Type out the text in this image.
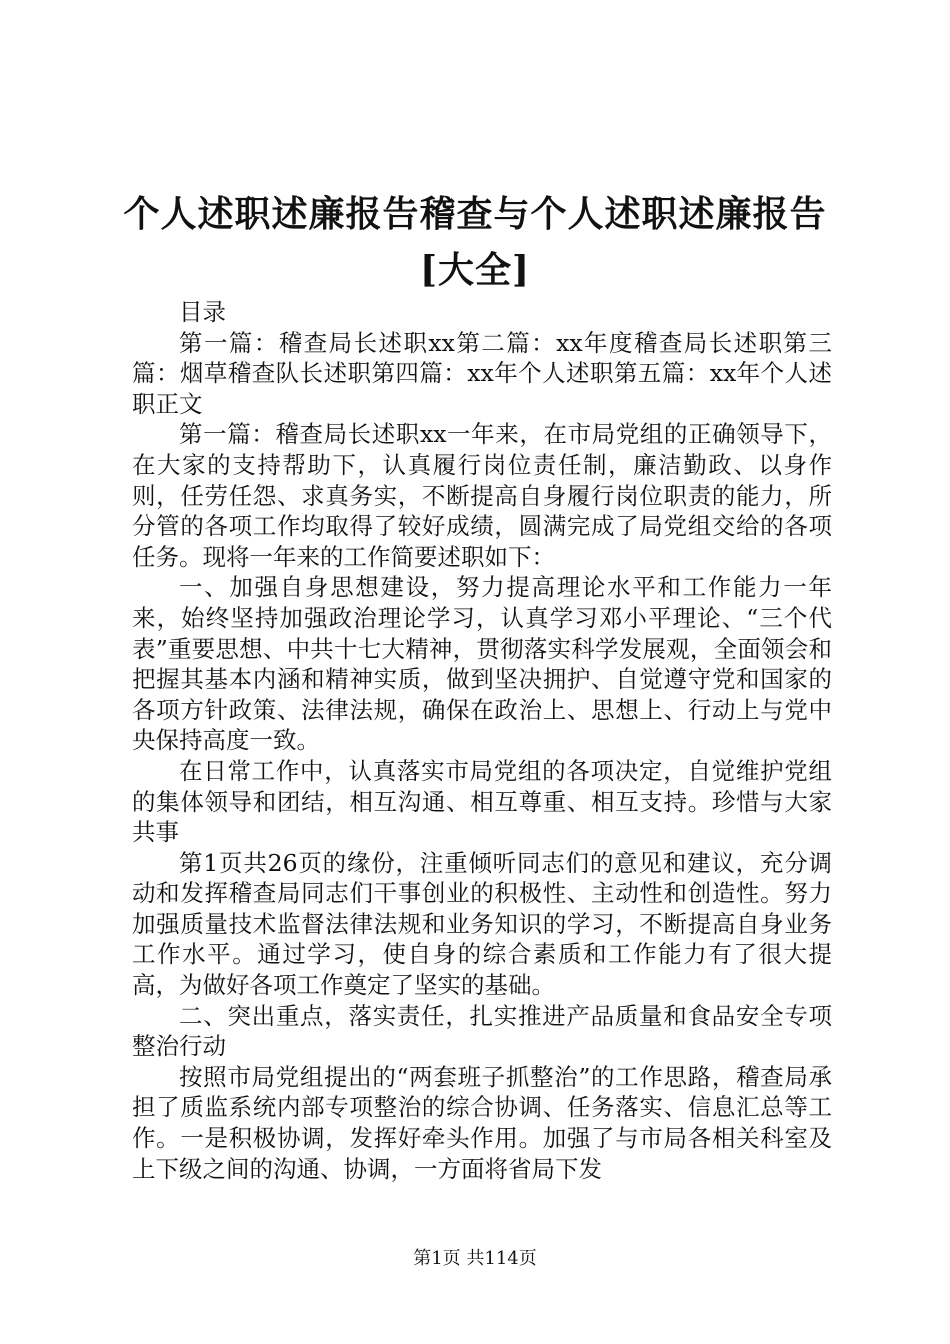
个人述职述廉报告稽查与个人述职述廉报告
[大全]

目录

第一篇：稽查局长述职xx第二篇：xx年度稽查局长述职第三篇：烟草稽查队长述职第四篇：xx年个人述职第五篇：xx年个人述职正文

第一篇：稽查局长述职xx一年来，在市局党组的正确领导下，在大家的支持帮助下，认真履行岗位责任制，廉洁勤政、以身作则，任劳任怨、求真务实，不断提高自身履行岗位职责的能力，所分管的各项工作均取得了较好成绩，圆满完成了局党组交给的各项任务。现将一年来的工作简要述职如下：

一、加强自身思想建设，努力提高理论水平和工作能力一年来，始终坚持加强政治理论学习，认真学习邓小平理论、“三个代表”重要思想、中共十七大精神，贯彻落实科学发展观，全面领会和把握其基本内涵和精神实质，做到坚决拥护、自觉遵守党和国家的各项方针政策、法律法规，确保在政治上、思想上、行动上与党中央保持高度一致。

在日常工作中，认真落实市局党组的各项决定，自觉维护党组的集体领导和团结，相互沟通、相互尊重、相互支持。珍惜与大家共事

第1页共26页的缘份，注重倾听同志们的意见和建议，充分调动和发挥稽查局同志们干事创业的积极性、主动性和创造性。努力加强质量技术监督法律法规和业务知识的学习，不断提高自身业务工作水平。通过学习，使自身的综合素质和工作能力有了很大提高，为做好各项工作奠定了坚实的基础。

二、突出重点，落实责任，扎实推进产品质量和食品安全专项整治行动

按照市局党组提出的“两套班子抓整治”的工作思路，稽查局承担了质监系统内部专项整治的综合协调、任务落实、信息汇总等工作。一是积极协调，发挥好牵头作用。加强了与市局各相关科室及上下级之间的沟通、协调，一方面将省局下发

第1页 共114页
